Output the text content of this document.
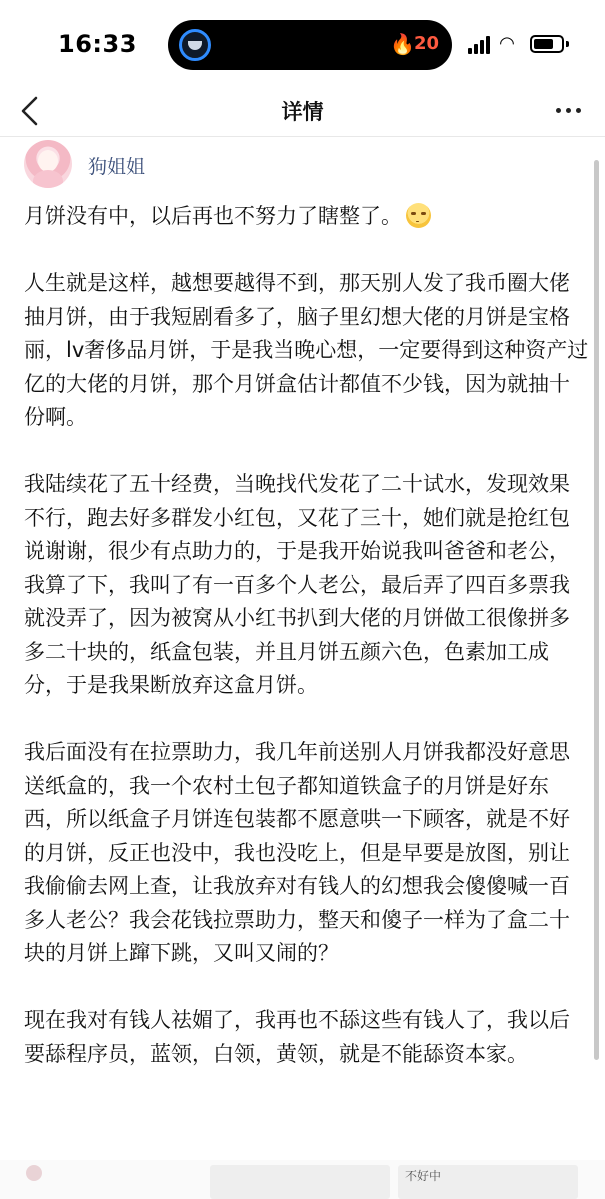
16:33	🔥 20	◠
详情
狗姐姐

月饼没有中，以后再也不努力了瞎整了。

人生就是这样，越想要越得不到，那天别人发了我币圈大佬抽月饼，由于我短剧看多了，脑子里幻想大佬的月饼是宝格丽，lv奢侈品月饼，于是我当晚心想，一定要得到这种资产过亿的大佬的月饼，那个月饼盒估计都值不少钱，因为就抽十份啊。

我陆续花了五十经费，当晚找代发花了二十试水，发现效果不行，跑去好多群发小红包，又花了三十，她们就是抢红包说谢谢，很少有点助力的，于是我开始说我叫爸爸和老公，我算了下，我叫了有一百多个人老公，最后弄了四百多票我就没弄了，因为被窝从小红书扒到大佬的月饼做工很像拼多多二十块的，纸盒包装，并且月饼五颜六色，色素加工成分，于是我果断放弃这盒月饼。

我后面没有在拉票助力，我几年前送别人月饼我都没好意思送纸盒的，我一个农村土包子都知道铁盒子的月饼是好东西，所以纸盒子月饼连包装都不愿意哄一下顾客，就是不好的月饼，反正也没中，我也没吃上，但是早要是放图，别让我偷偷去网上查，让我放弃对有钱人的幻想我会傻傻喊一百多人老公？我会花钱拉票助力，整天和傻子一样为了盒二十块的月饼上蹿下跳，又叫又闹的？

现在我对有钱人祛媚了，我再也不舔这些有钱人了，我以后要舔程序员，蓝领，白领，黄领，就是不能舔资本家。

不好中
